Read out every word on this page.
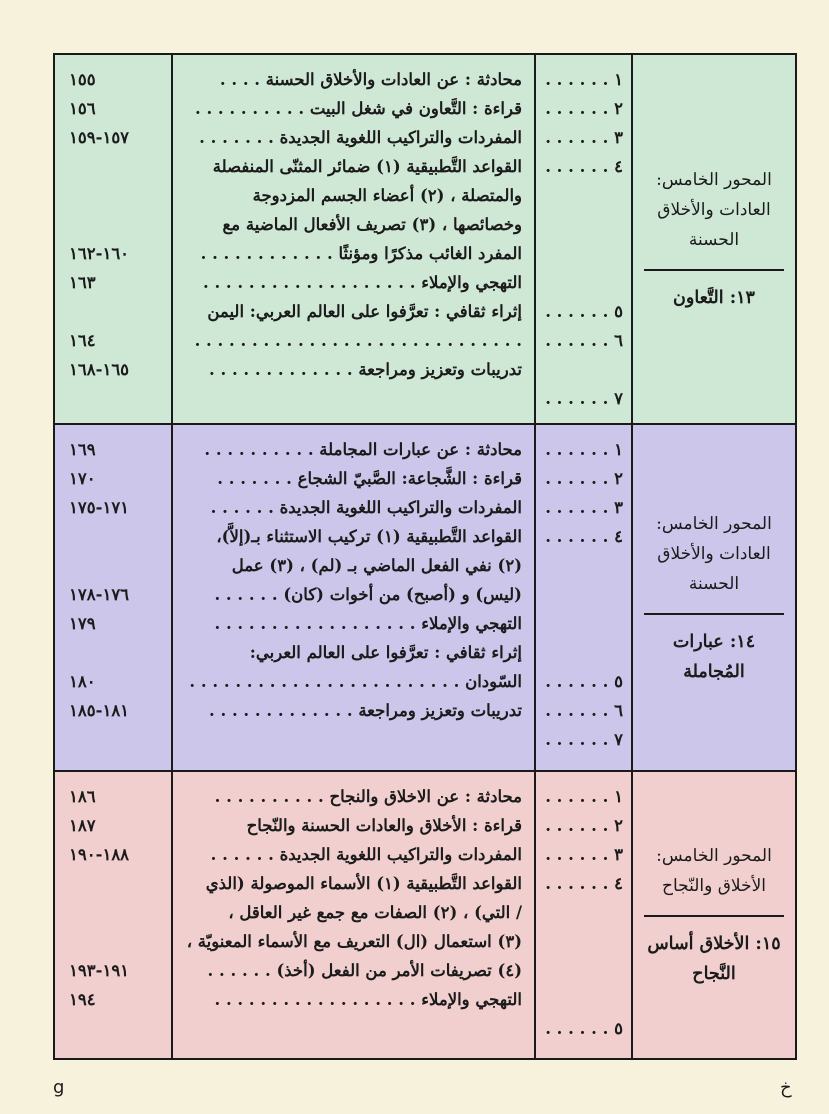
المحور الخامس: العادات والأخلاق الحسنة
١٣: التَّعاون
١ . . . . . .
٢ . . . . . .
٣ . . . . . .
٤ . . . . . .
٥ . . . . . .
٦ . . . . . .
٧ . . . . . .
محادثة : عن العادات والأخلاق الحسنة . . . .
قراءة : التَّعاون في شغل البيت . . . . . . . . . .
المفردات والتراكيب اللغوية الجديدة . . . . . . .
القواعد التَّطبيقية (١) ضمائر المثنّى المنفصلة
والمتصلة ، (٢) أعضاء الجسم المزدوجة
وخصائصها ، (٣) تصريف الأفعال الماضية مع
المفرد الغائب مذكرًا ومؤنثًا . . . . . . . . . . . .
التهجي والإملاء . . . . . . . . . . . . . . . . . . .
إثراء ثقافي : تعرَّفوا على العالم العربي: اليمن
. . . . . . . . . . . . . . . . . . . . . . . . . . . . .
تدريبات وتعزيز ومراجعة . . . . . . . . . . . . .
١٥٥
١٥٦
١٥٧-١٥٩
١٦٠-١٦٢
١٦٣
١٦٤
١٦٥-١٦٨
المحور الخامس: العادات والأخلاق الحسنة
١٤: عبارات المُجاملة
١ . . . . . .
٢ . . . . . .
٣ . . . . . .
٤ . . . . . .
٥ . . . . . .
٦ . . . . . .
٧ . . . . . .
محادثة : عن عبارات المجاملة . . . . . . . . . .
قراءة : الشَّجاعة: الصَّبيّ الشجاع . . . . . . .
المفردات والتراكيب اللغوية الجديدة . . . . . .
القواعد التَّطبيقية (١) تركيب الاستثناء بـ(إلاَّ)،
(٢) نفي الفعل الماضي بـ (لم) ، (٣) عمل
(ليس) و (أصبح) من أخوات (كان) . . . . . .
التهجي والإملاء . . . . . . . . . . . . . . . . . .
إثراء ثقافي : تعرَّفوا على العالم العربي:
السّودان . . . . . . . . . . . . . . . . . . . . . . . .
تدريبات وتعزيز ومراجعة . . . . . . . . . . . . .
١٦٩
١٧٠
١٧١-١٧٥
١٧٦-١٧٨
١٧٩
١٨٠
١٨١-١٨٥
المحور الخامس: الأخلاق والنّجاح
١٥: الأخلاق أساس النَّجاح
١ . . . . . .
٢ . . . . . .
٣ . . . . . .
٤ . . . . . .
٥ . . . . . .
محادثة : عن الاخلاق والنجاح . . . . . . . . . .
قراءة : الأخلاق والعادات الحسنة والنّجاح
المفردات والتراكيب اللغوية الجديدة . . . . . .
القواعد التَّطبيقية (١) الأسماء الموصولة (الذي
/ التي) ، (٢) الصفات مع جمع غير العاقل ،
(٣) استعمال (ال) التعريف مع الأسماء المعنويّة ،
(٤) تصريفات الأمر من الفعل (أخذ) . . . . . .
التهجي والإملاء . . . . . . . . . . . . . . . . . .
١٨٦
١٨٧
١٨٨-١٩٠
١٩١-١٩٣
١٩٤
g	خ
